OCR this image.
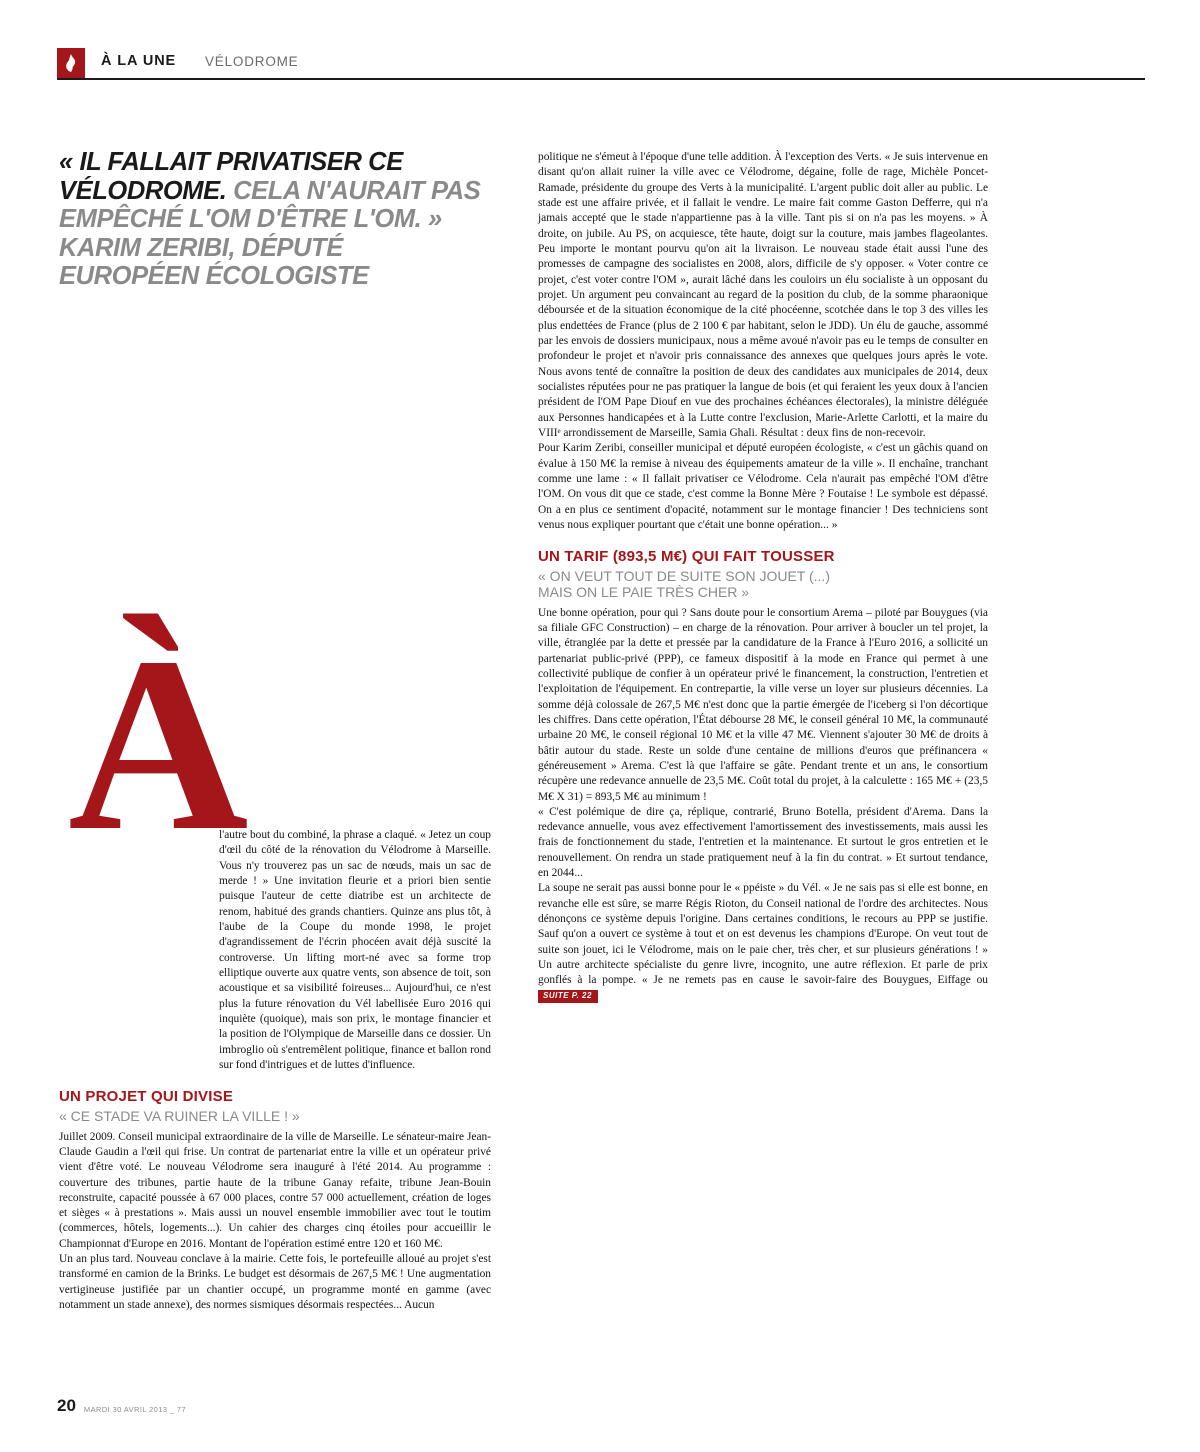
À LA UNE VÉLODROME
« IL FALLAIT PRIVATISER CE VÉLODROME. CELA N'AURAIT PAS EMPÊCHÉ L'OM D'ÊTRE L'OM. » KARIM ZERIBI, DÉPUTÉ EUROPÉEN ÉCOLOGISTE
À

l'autre bout du combiné, la phrase a claqué. « Jetez un coup d'œil du côté de la rénovation du Vélodrome à Marseille. Vous n'y trouverez pas un sac de nœuds, mais un sac de merde ! » Une invitation fleurie et a priori bien sentie puisque l'auteur de cette diatribe est un architecte de renom, habitué des grands chantiers. Quinze ans plus tôt, à l'aube de la Coupe du monde 1998, le projet d'agrandissement de l'écrin phocéen avait déjà suscité la controverse. Un lifting mort-né avec sa forme trop elliptique ouverte aux quatre vents, son absence de toit, son acoustique et sa visibilité foireuses... Aujourd'hui, ce n'est plus la future rénovation du Vél labellisée Euro 2016 qui inquiète (quoique), mais son prix, le montage financier et la position de l'Olympique de Marseille dans ce dossier. Un imbroglio où s'entremêlent politique, finance et ballon rond sur fond d'intrigues et de luttes d'influence.

UN PROJET QUI DIVISE
« CE STADE VA RUINER LA VILLE ! »

Juillet 2009. Conseil municipal extraordinaire de la ville de Marseille. Le sénateur-maire Jean-Claude Gaudin a l'œil qui frise. Un contrat de partenariat entre la ville et un opérateur privé vient d'être voté. Le nouveau Vélodrome sera inauguré à l'été 2014. Au programme : couverture des tribunes, partie haute de la tribune Ganay refaite, tribune Jean-Bouin reconstruite, capacité poussée à 67 000 places, contre 57 000 actuellement, création de loges et sièges « à prestations ». Mais aussi un nouvel ensemble immobilier avec tout le toutim (commerces, hôtels, logements...). Un cahier des charges cinq étoiles pour accueillir le Championnat d'Europe en 2016. Montant de l'opération estimé entre 120 et 160 M€.

Un an plus tard. Nouveau conclave à la mairie. Cette fois, le portefeuille alloué au projet s'est transformé en camion de la Brinks. Le budget est désormais de 267,5 M€ ! Une augmentation vertigineuse justifiée par un chantier occupé, un programme monté en gamme (avec notamment un stade annexe), des normes sismiques désormais respectées... Aucun

politique ne s'émeut à l'époque d'une telle addition. À l'exception des Verts. « Je suis intervenue en disant qu'on allait ruiner la ville avec ce Vélodrome, dégaine, folle de rage, Michèle Poncet-Ramade, présidente du groupe des Verts à la municipalité. L'argent public doit aller au public. Le stade est une affaire privée, et il fallait le vendre. Le maire fait comme Gaston Defferre, qui n'a jamais accepté que le stade n'appartienne pas à la ville. Tant pis si on n'a pas les moyens. » À droite, on jubile. Au PS, on acquiesce, tête haute, doigt sur la couture, mais jambes flageolantes. Peu importe le montant pourvu qu'on ait la livraison. Le nouveau stade était aussi l'une des promesses de campagne des socialistes en 2008, alors, difficile de s'y opposer. « Voter contre ce projet, c'est voter contre l'OM », aurait lâché dans les couloirs un élu socialiste à un opposant du projet. Un argument peu convaincant au regard de la position du club, de la somme pharaonique déboursée et de la situation économique de la cité phocéenne, scotchée dans le top 3 des villes les plus endettées de France (plus de 2 100 € par habitant, selon le JDD). Un élu de gauche, assommé par les envois de dossiers municipaux, nous a même avoué n'avoir pas eu le temps de consulter en profondeur le projet et n'avoir pris connaissance des annexes que quelques jours après le vote. Nous avons tenté de connaître la position de deux des candidates aux municipales de 2014, deux socialistes réputées pour ne pas pratiquer la langue de bois (et qui feraient les yeux doux à l'ancien président de l'OM Pape Diouf en vue des prochaines échéances électorales), la ministre déléguée aux Personnes handicapées et à la Lutte contre l'exclusion, Marie-Arlette Carlotti, et la maire du VIIIᵉ arrondissement de Marseille, Samia Ghali. Résultat : deux fins de non-recevoir.

Pour Karim Zeribi, conseiller municipal et député européen écologiste, « c'est un gâchis quand on évalue à 150 M€ la remise à niveau des équipements amateur de la ville ». Il enchaîne, tranchant comme une lame : « Il fallait privatiser ce Vélodrome. Cela n'aurait pas empêché l'OM d'être l'OM. On vous dit que ce stade, c'est comme la Bonne Mère ? Foutaise ! Le symbole est dépassé. On a en plus ce sentiment d'opacité, notamment sur le montage financier ! Des techniciens sont venus nous expliquer pourtant que c'était une bonne opération... »

UN TARIF (893,5 M€) QUI FAIT TOUSSER
« ON VEUT TOUT DE SUITE SON JOUET (...)
MAIS ON LE PAIE TRÈS CHER »

Une bonne opération, pour qui ? Sans doute pour le consortium Arema – piloté par Bouygues (via sa filiale GFC Construction) – en charge de la rénovation. Pour arriver à boucler un tel projet, la ville, étranglée par la dette et pressée par la candidature de la France à l'Euro 2016, a sollicité un partenariat public-privé (PPP), ce fameux dispositif à la mode en France qui permet à une collectivité publique de confier à un opérateur privé le financement, la construction, l'entretien et l'exploitation de l'équipement. En contrepartie, la ville verse un loyer sur plusieurs décennies. La somme déjà colossale de 267,5 M€ n'est donc que la partie émergée de l'iceberg si l'on décortique les chiffres. Dans cette opération, l'État débourse 28 M€, le conseil général 10 M€, la communauté urbaine 20 M€, le conseil régional 10 M€ et la ville 47 M€. Viennent s'ajouter 30 M€ de droits à bâtir autour du stade. Reste un solde d'une centaine de millions d'euros que préfinancera « généreusement » Arema. C'est là que l'affaire se gâte. Pendant trente et un ans, le consortium récupère une redevance annuelle de 23,5 M€. Coût total du projet, à la calculette : 165 M€ + (23,5 M€ X 31) = 893,5 M€ au minimum !

« C'est polémique de dire ça, réplique, contrarié, Bruno Botella, président d'Arema. Dans la redevance annuelle, vous avez effectivement l'amortissement des investissements, mais aussi les frais de fonctionnement du stade, l'entretien et la maintenance. Et surtout le gros entretien et le renouvellement. On rendra un stade pratiquement neuf à la fin du contrat. » Et surtout tendance, en 2044...

La soupe ne serait pas aussi bonne pour le « ppéiste » du Vél. « Je ne sais pas si elle est bonne, en revanche elle est sûre, se marre Régis Rioton, du Conseil national de l'ordre des architectes. Nous dénonçons ce système depuis l'origine. Dans certaines conditions, le recours au PPP se justifie. Sauf qu'on a ouvert ce système à tout et on est devenus les champions d'Europe. On veut tout de suite son jouet, ici le Vélodrome, mais on le paie cher, très cher, et sur plusieurs générations ! » Un autre architecte spécialiste du genre livre, incognito, une autre réflexion. Et parle de prix gonflés à la pompe. « Je ne remets pas en cause le savoir-faire des Bouygues, Eiffage ou SUITE P. 22

20 MARDI 30 AVRIL 2013 _ 77
